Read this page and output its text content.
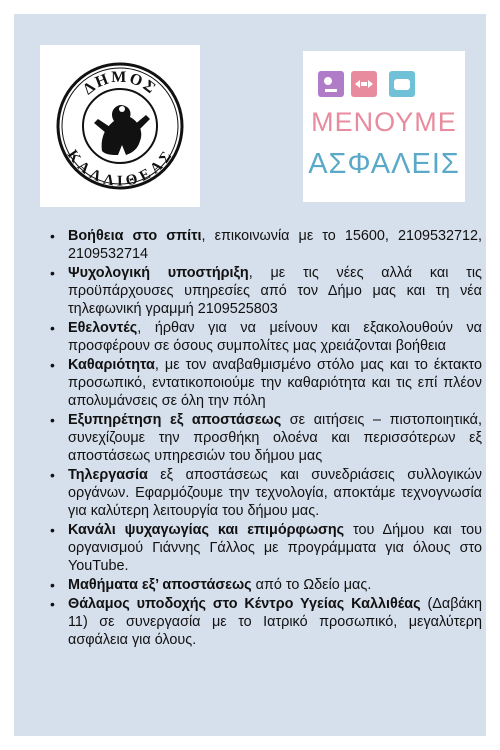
ΔΗΜΟΣ
ΚΑΛΛΙΘΕΑΣ
ΜΕΝΟΥΜΕ
ΑΣΦΑΛΕΙΣ
• Βοήθεια στο σπίτι, επικοινωνία με το 15600, 2109532712, 2109532714
• Ψυχολογική υποστήριξη, με τις νέες αλλά και τις προϋπάρχουσες υπηρεσίες από τον Δήμο μας και τη νέα τηλεφωνική γραμμή 2109525803
• Εθελοντές, ήρθαν για να μείνουν και εξακολουθούν να προσφέρουν σε όσους συμπολίτες μας χρειάζονται βοήθεια
• Καθαριότητα, με τον αναβαθμισμένο στόλο μας και το έκτακτο προσωπικό, εντατικοποιούμε την καθαριότητα και τις επί πλέον απολυμάνσεις σε όλη την πόλη
• Εξυπηρέτηση εξ αποστάσεως σε αιτήσεις – πιστοποιητικά, συνεχίζουμε την προσθήκη ολοένα και περισσότερων εξ αποστάσεως υπηρεσιών του δήμου μας
• Τηλεργασία εξ αποστάσεως και συνεδριάσεις συλλογικών οργάνων. Εφαρμόζουμε την τεχνολογία, αποκτάμε τεχνογνωσία για καλύτερη λειτουργία του δήμου μας.
• Κανάλι ψυχαγωγίας και επιμόρφωσης του Δήμου και του οργανισμού Γιάννης Γάλλος με προγράμματα για όλους στο YouTube.
• Μαθήματα εξ’ αποστάσεως από το Ωδείο μας.
• Θάλαμος υποδοχής στο Κέντρο Υγείας Καλλιθέας (Δαβάκη 11) σε συνεργασία με το Ιατρικό προσωπικό, μεγαλύτερη ασφάλεια για όλους.
